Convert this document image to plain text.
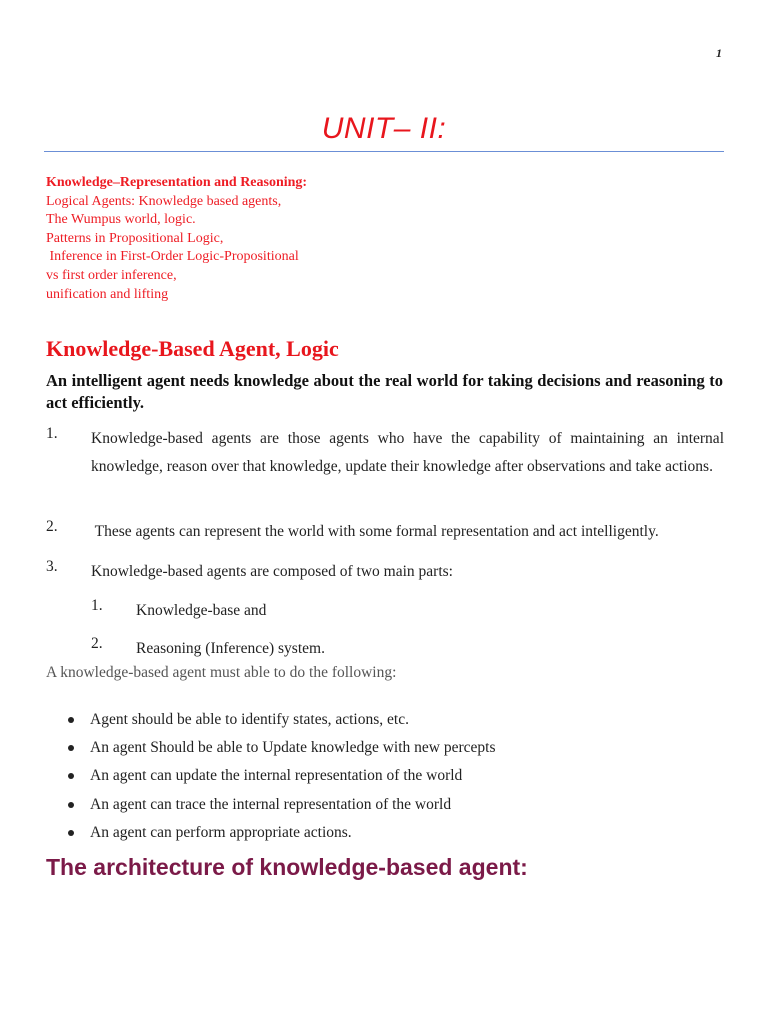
1
UNIT– II:
Knowledge–Representation and Reasoning:
Logical Agents: Knowledge based agents,
The Wumpus world, logic.
Patterns in Propositional Logic,
Inference in First-Order Logic-Propositional
vs first order inference,
unification and lifting
Knowledge-Based Agent, Logic
An intelligent agent needs knowledge about the real world for taking decisions and reasoning to act efficiently.
1. Knowledge-based agents are those agents who have the capability of maintaining an internal knowledge, reason over that knowledge, update their knowledge after observations and take actions.
2. These agents can represent the world with some formal representation and act intelligently.
3. Knowledge-based agents are composed of two main parts:
1. Knowledge-base and
2. Reasoning (Inference) system.
A knowledge-based agent must able to do the following:
Agent should be able to identify states, actions, etc.
An agent Should be able to Update knowledge with new percepts
An agent can update the internal representation of the world
An agent can trace the internal representation of the world
An agent can perform appropriate actions.
The architecture of knowledge-based agent:
